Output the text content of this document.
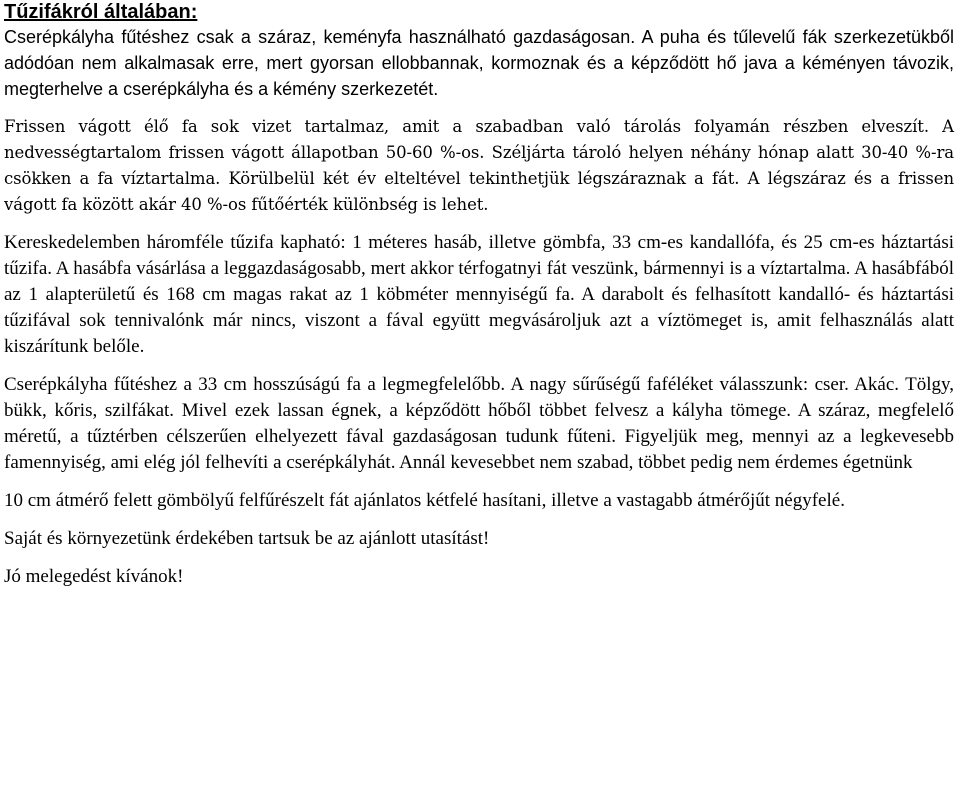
Tűzifákról általában:

Cserépkályha fűtéshez csak a száraz, keményfa használható gazdaságosan. A puha és tűlevelű fák szerkezetükből adódóan nem alkalmasak erre, mert gyorsan ellobbannak, kormoznak és a képződött hő java a kéményen távozik, megterhelve a cserépkályha és a kémény szerkezetét.

Frissen vágott élő fa sok vizet tartalmaz, amit a szabadban való tárolás folyamán részben elveszít. A nedvességtartalom frissen vágott állapotban 50-60 %-os. Széljárta tároló helyen néhány hónap alatt 30-40 %-ra csökken a fa víztartalma. Körülbelül két év elteltével tekinthetjük légszáraznak a fát. A légszáraz és a frissen vágott fa között akár 40 %-os fűtőérték különbség is lehet.

Kereskedelemben háromféle tűzifa kapható: 1 méteres hasáb, illetve gömbfa, 33 cm-es kandallófa, és 25 cm-es háztartási tűzifa. A hasábfa vásárlása a leggazdaságosabb, mert akkor térfogatnyi fát veszünk, bármennyi is a víztartalma. A hasábfából az 1 alapterületű és 168 cm magas rakat az 1 köbméter mennyiségű fa. A darabolt és felhasított kandalló- és háztartási tűzifával sok tennivalónk már nincs, viszont a fával együtt megvásároljuk azt a víztömeget is, amit felhasználás alatt kiszárítunk belőle.

Cserépkályha fűtéshez a 33 cm hosszúságú fa a legmegfelelőbb. A nagy sűrűségű faféléket válasszunk: cser. Akác. Tölgy, bükk, kőris, szilfákat. Mivel ezek lassan égnek, a képződött hőből többet felvesz a kályha tömege. A száraz, megfelelő méretű, a tűztérben célszerűen elhelyezett fával gazdaságosan tudunk fűteni. Figyeljük meg, mennyi az a legkevesebb famennyiség, ami elég jól felhevíti a cserépkályhát. Annál kevesebbet nem szabad, többet pedig nem érdemes égetnünk

10 cm átmérő felett gömbölyű felfűrészelt fát ajánlatos kétfelé hasítani, illetve a vastagabb átmérőjűt négyfelé.

Saját és környezetünk érdekében tartsuk be az ajánlott utasítást!

Jó melegedést kívánok!
